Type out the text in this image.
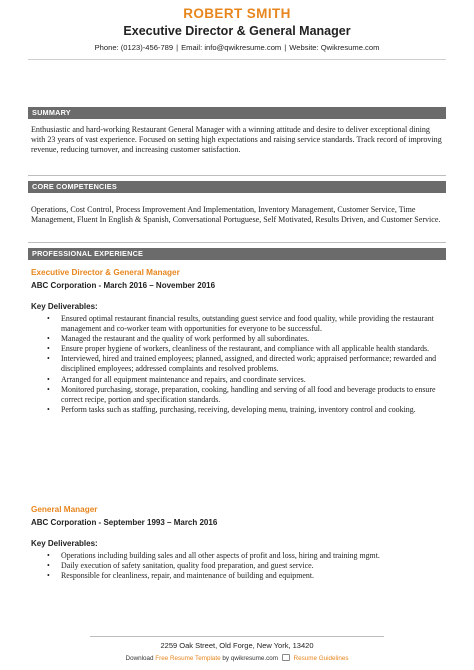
ROBERT SMITH
Executive Director & General Manager
Phone: (0123)-456-789 | Email: info@qwikresume.com | Website: Qwikresume.com
SUMMARY
Enthusiastic and hard-working Restaurant General Manager with a winning attitude and desire to deliver exceptional dining with 23 years of vast experience. Focused on setting high expectations and raising service standards. Track record of improving revenue, reducing turnover, and increasing customer satisfaction.
CORE COMPETENCIES
Operations, Cost Control, Process Improvement And Implementation, Inventory Management, Customer Service, Time Management, Fluent In English & Spanish, Conversational Portuguese, Self Motivated, Results Driven, and Customer Service.
PROFESSIONAL EXPERIENCE
Executive Director & General Manager
ABC Corporation - March 2016 – November 2016
Key Deliverables:
• Ensured optimal restaurant financial results, outstanding guest service and food quality, while providing the restaurant management and co-worker team with opportunities for everyone to be successful.
• Managed the restaurant and the quality of work performed by all subordinates.
• Ensure proper hygiene of workers, cleanliness of the restaurant, and compliance with all applicable health standards.
• Interviewed, hired and trained employees; planned, assigned, and directed work; appraised performance; rewarded and disciplined employees; addressed complaints and resolved problems.
• Arranged for all equipment maintenance and repairs, and coordinate services.
• Monitored purchasing, storage, preparation, cooking, handling and serving of all food and beverage products to ensure correct recipe, portion and specification standards.
• Perform tasks such as staffing, purchasing, receiving, developing menu, training, inventory control and cooking.
General Manager
ABC Corporation - September 1993 – March 2016
Key Deliverables:
• Operations including building sales and all other aspects of profit and loss, hiring and training mgmt.
• Daily execution of safety sanitation, quality food preparation, and guest service.
• Responsible for cleanliness, repair, and maintenance of building and equipment.
2259 Oak Street, Old Forge, New York, 13420
Download Free Resume Template by qwikresume.com Resume Guidelines
